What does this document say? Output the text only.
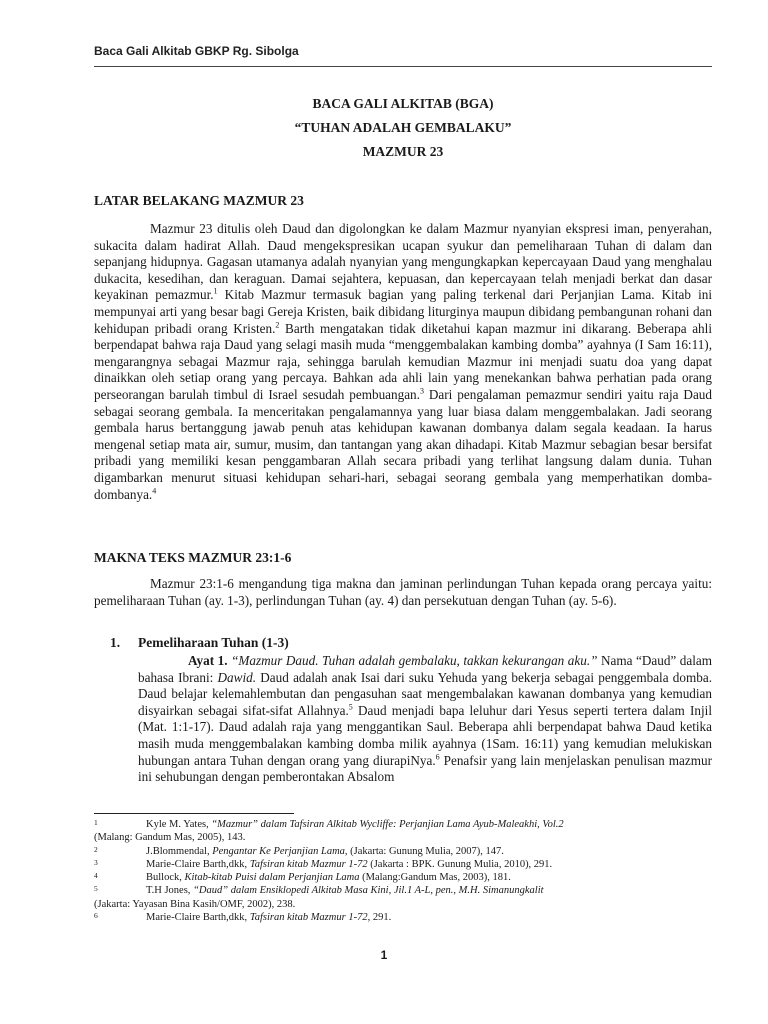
Baca Gali Alkitab GBKP Rg. Sibolga
BACA GALI ALKITAB (BGA)
“TUHAN ADALAH GEMBALAKU”
MAZMUR 23
LATAR BELAKANG MAZMUR 23
Mazmur 23 ditulis oleh Daud dan digolongkan ke dalam Mazmur nyanyian ekspresi iman, penyerahan, sukacita dalam hadirat Allah. Daud mengekspresikan ucapan syukur dan pemeliharaan Tuhan di dalam dan sepanjang hidupnya. Gagasan utamanya adalah nyanyian yang mengungkapkan kepercayaan Daud yang menghalau dukacita, kesedihan, dan keraguan. Damai sejahtera, kepuasan, dan kepercayaan telah menjadi berkat dan dasar keyakinan pemazmur.$^1$ Kitab Mazmur termasuk bagian yang paling terkenal dari Perjanjian Lama. Kitab ini mempunyai arti yang besar bagi Gereja Kristen, baik dibidang liturginya maupun dibidang pembangunan rohani dan kehidupan pribadi orang Kristen.$^2$ Barth mengatakan tidak diketahui kapan mazmur ini dikarang. Beberapa ahli berpendapat bahwa raja Daud yang selagi masih muda “menggembalakan kambing domba” ayahnya (I Sam 16:11), mengarangnya sebagai Mazmur raja, sehingga barulah kemudian Mazmur ini menjadi suatu doa yang dapat dinaikkan oleh setiap orang yang percaya. Bahkan ada ahli lain yang menekankan bahwa perhatian pada orang perseorangan barulah timbul di Israel sesudah pembuangan.$^3$ Dari pengalaman pemazmur sendiri yaitu raja Daud sebagai seorang gembala. Ia menceritakan pengalamannya yang luar biasa dalam menggembalakan. Jadi seorang gembala harus bertanggung jawab penuh atas kehidupan kawanan dombanya dalam segala keadaan. Ia harus mengenal setiap mata air, sumur, musim, dan tantangan yang akan dihadapi. Kitab Mazmur sebagian besar bersifat pribadi yang memiliki kesan penggambaran Allah secara pribadi yang terlihat langsung dalam dunia. Tuhan digambarkan menurut situasi kehidupan sehari-hari, sebagai seorang gembala yang memperhatikan domba-dombanya.$^4$
MAKNA TEKS MAZMUR 23:1-6
Mazmur 23:1-6 mengandung tiga makna dan jaminan perlindungan Tuhan kepada orang percaya yaitu: pemeliharaan Tuhan (ay. 1-3), perlindungan Tuhan (ay. 4) dan persekutuan dengan Tuhan (ay. 5-6).
1. Pemeliharaan Tuhan (1-3)
Ayat 1. “Mazmur Daud. Tuhan adalah gembalaku, takkan kekurangan aku.” Nama “Daud” dalam bahasa Ibrani: Dawid. Daud adalah anak Isai dari suku Yehuda yang bekerja sebagai penggembala domba. Daud belajar kelemahlembutan dan pengasuhan saat mengembalakan kawanan dombanya yang kemudian disyairkan sebagai sifat-sifat Allahnya.$^5$ Daud menjadi bapa leluhur dari Yesus seperti tertera dalam Injil (Mat. 1:1-17). Daud adalah raja yang menggantikan Saul. Beberapa ahli berpendapat bahwa Daud ketika masih muda menggembalakan kambing domba milik ayahnya (1Sam. 16:11) yang kemudian melukiskan hubungan antara Tuhan dengan orang yang diurapiNya.$^6$ Penafsir yang lain menjelaskan penulisan mazmur ini sehubungan dengan pemberontakan Absalom
1	Kyle M. Yates, “Mazmur” dalam Tafsiran Alkitab Wycliffe: Perjanjian Lama Ayub-Maleakhi, Vol.2
(Malang: Gandum Mas, 2005), 143.
2	J.Blommendal, Pengantar Ke Perjanjian Lama, (Jakarta: Gunung Mulia, 2007), 147.
3	Marie-Claire Barth,dkk, Tafsiran kitab Mazmur 1-72 (Jakarta : BPK. Gunung Mulia, 2010), 291.
4	Bullock, Kitab-kitab Puisi dalam Perjanjian Lama (Malang:Gandum Mas, 2003), 181.
5	T.H Jones, “Daud” dalam Ensiklopedi Alkitab Masa Kini, Jil.1 A-L, pen., M.H. Simanungkalit
(Jakarta: Yayasan Bina Kasih/OMF, 2002), 238.
6	Marie-Claire Barth,dkk, Tafsiran kitab Mazmur 1-72, 291.
1
